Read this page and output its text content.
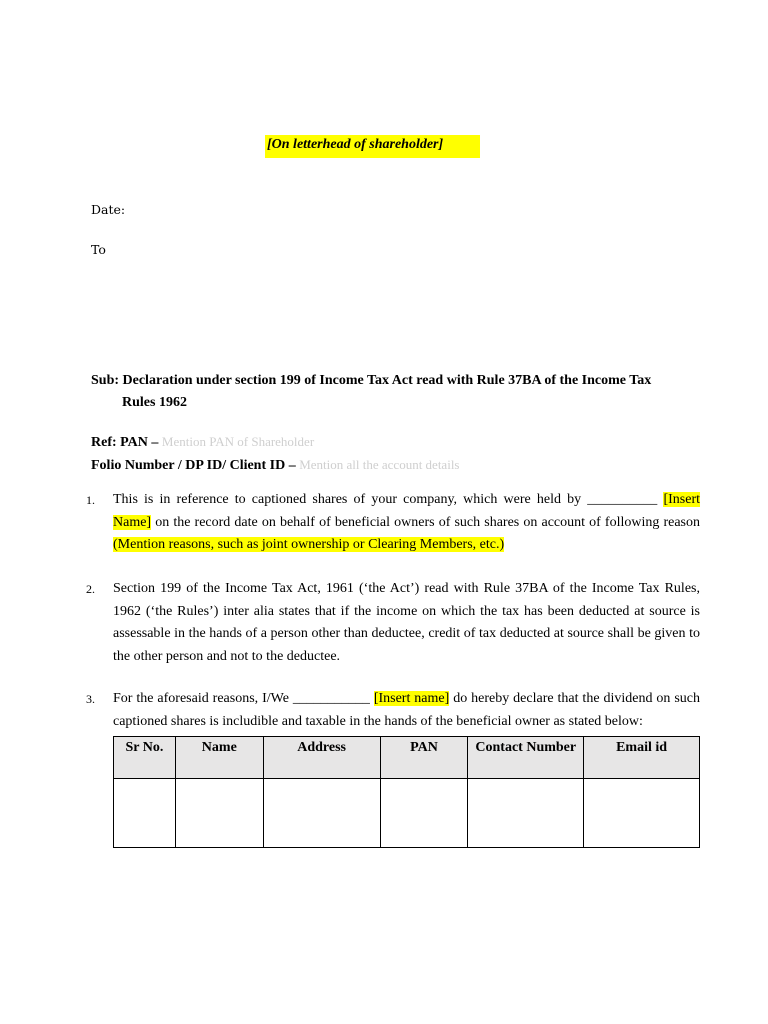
[On letterhead of shareholder]
Date:
To
Sub: Declaration under section 199 of Income Tax Act read with Rule 37BA of the Income Tax
Rules 1962
Ref: PAN – Mention PAN of Shareholder
Folio Number / DP ID/ Client ID – Mention all the account details
1.	This is in reference to captioned shares of your company, which were held by __________ [Insert Name] on the record date on behalf of beneficial owners of such shares on account of following reason (Mention reasons, such as joint ownership or Clearing Members, etc.)
2.	Section 199 of the Income Tax Act, 1961 (‘the Act’) read with Rule 37BA of the Income Tax Rules, 1962 (‘the Rules’) inter alia states that if the income on which the tax has been deducted at source is assessable in the hands of a person other than deductee, credit of tax deducted at source shall be given to the other person and not to the deductee.
3.	For the aforesaid reasons, I/We ___________ [Insert name] do hereby declare that the dividend on such captioned shares is includible and taxable in the hands of the beneficial owner as stated below:
Sr No.	Name	Address	PAN	Contact Number	Email id
